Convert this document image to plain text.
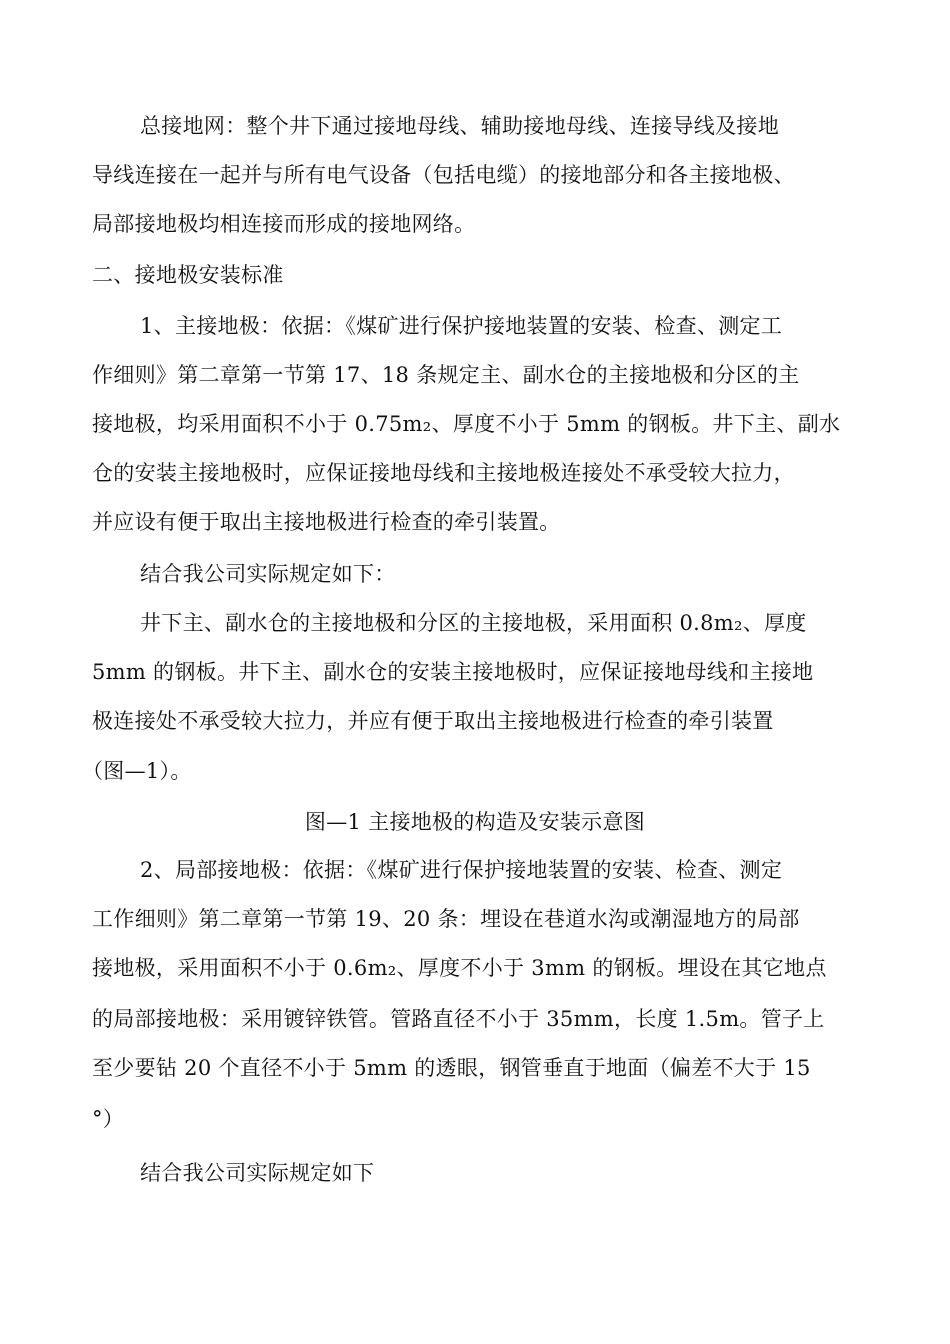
总接地网：整个井下通过接地母线、辅助接地母线、连接导线及接地
导线连接在一起并与所有电气设备（包括电缆）的接地部分和各主接地极、
局部接地极均相连接而形成的接地网络。
二、接地极安装标准
1、主接地极：依据：《煤矿进行保护接地装置的安装、检查、测定工
作细则》第二章第一节第 17、18 条规定主、副水仓的主接地极和分区的主
接地极，均采用面积不小于 0.75m₂、厚度不小于 5mm 的钢板。井下主、副水
仓的安装主接地极时，应保证接地母线和主接地极连接处不承受较大拉力，
并应设有便于取出主接地极进行检查的牵引装置。
结合我公司实际规定如下：
井下主、副水仓的主接地极和分区的主接地极，采用面积 0.8m₂、厚度
5mm 的钢板。井下主、副水仓的安装主接地极时，应保证接地母线和主接地
极连接处不承受较大拉力，并应有便于取出主接地极进行检查的牵引装置
（图—1）。
图—1 主接地极的构造及安装示意图
2、局部接地极：依据：《煤矿进行保护接地装置的安装、检查、测定
工作细则》第二章第一节第 19、20 条：埋设在巷道水沟或潮湿地方的局部
接地极，采用面积不小于 0.6m₂、厚度不小于 3mm 的钢板。埋设在其它地点
的局部接地极：采用镀锌铁管。管路直径不小于 35mm，长度 1.5m。管子上
至少要钻 20 个直径不小于 5mm 的透眼，钢管垂直于地面（偏差不大于 15
°）
结合我公司实际规定如下
